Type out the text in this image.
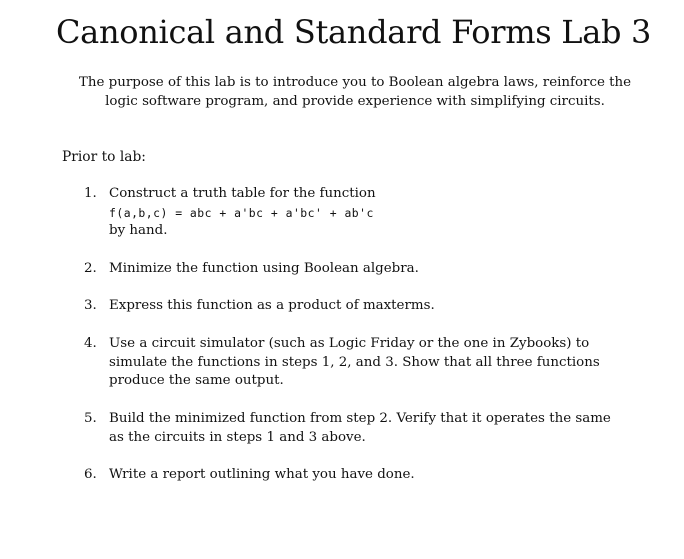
Canonical and Standard Forms Lab 3

The purpose of this lab is to introduce you to Boolean algebra laws, reinforce the
logic software program, and provide experience with simplifying circuits.

Prior to lab:

1. Construct a truth table for the function
f(a,b,c) = abc + a'bc + a'bc' + ab'c
by hand.
2. Minimize the function using Boolean algebra.
3. Express this function as a product of maxterms.
4. Use a circuit simulator (such as Logic Friday or the one in Zybooks) to
simulate the functions in steps 1, 2, and 3. Show that all three functions
produce the same output.
5. Build the minimized function from step 2. Verify that it operates the same
as the circuits in steps 1 and 3 above.
6. Write a report outlining what you have done.
